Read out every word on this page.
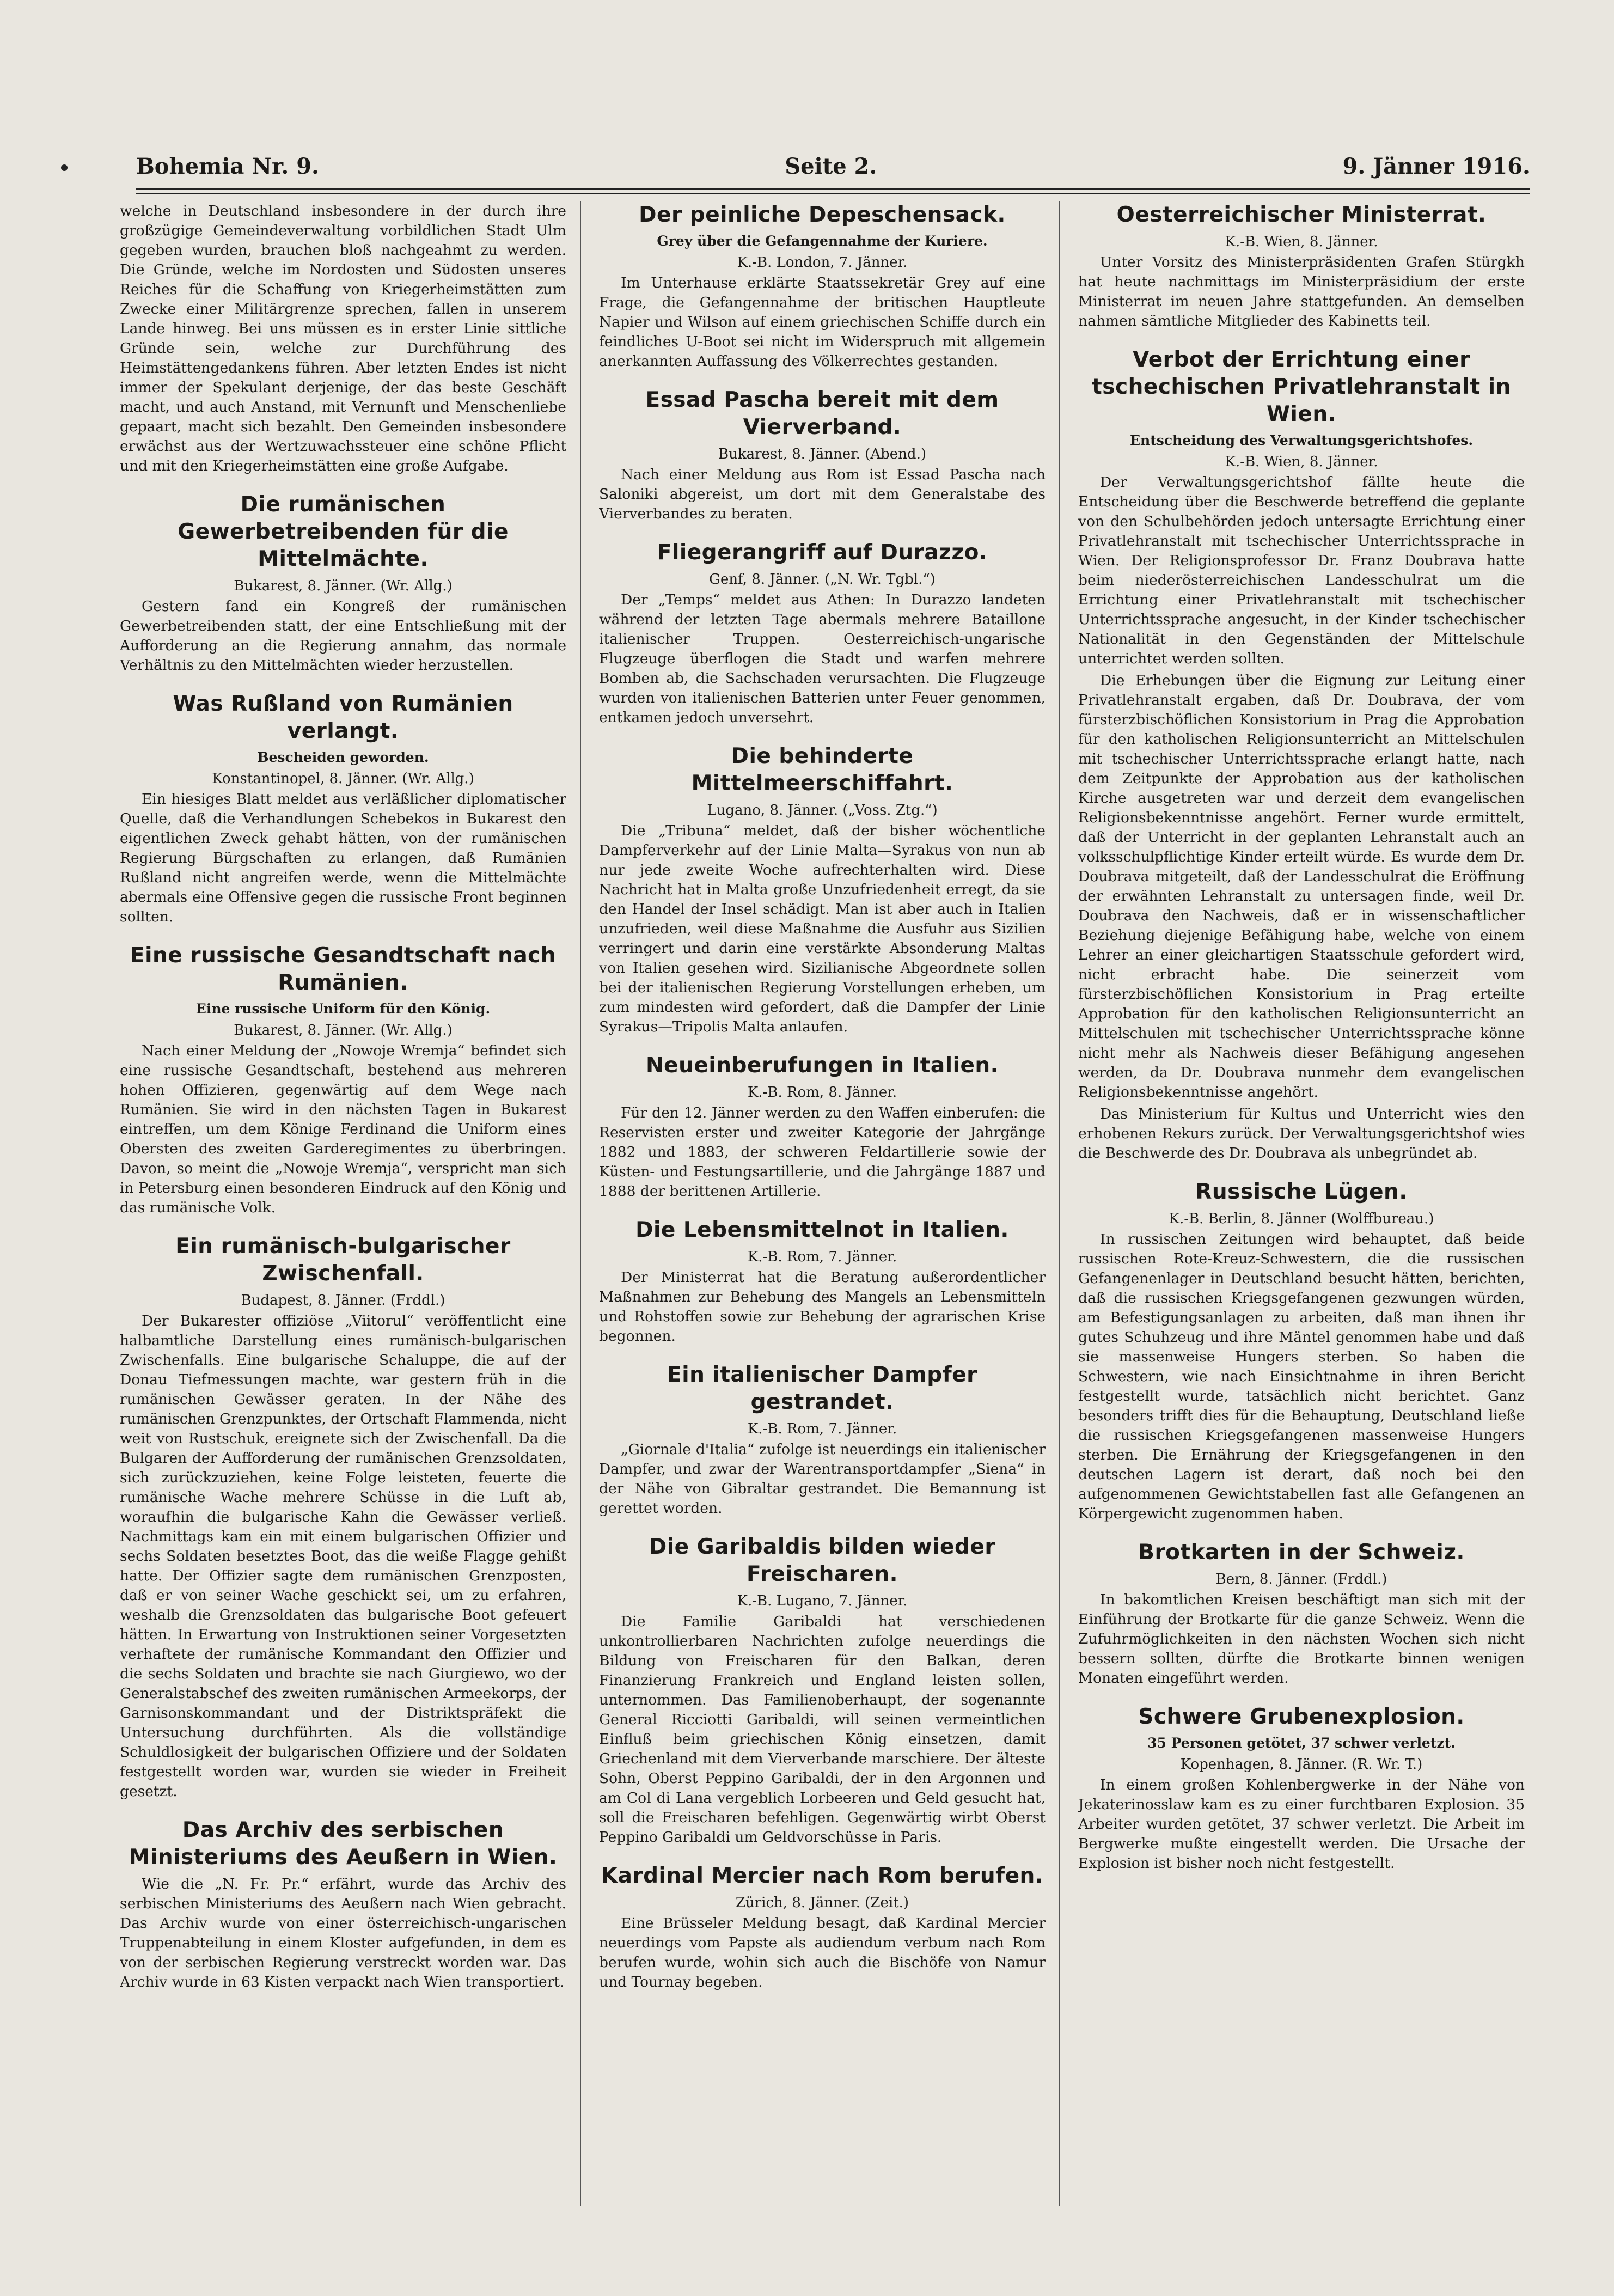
Bohemia Nr. 9.	Seite 2.	9. Jänner 1916.

welche in Deutschland insbesondere in der durch ihre großzügige Gemeindeverwaltung vorbildlichen Stadt Ulm gegeben wurden, brauchen bloß nachgeahmt zu werden. Die Gründe, welche im Nordosten und Südosten unseres Reiches für die Schaffung von Kriegerheimstätten zum Zwecke einer Militärgrenze sprechen, fallen in unserem Lande hinweg. Bei uns müssen es in erster Linie sittliche Gründe sein, welche zur Durchführung des Heimstättengedankens führen. Aber letzten Endes ist nicht immer der Spekulant derjenige, der das beste Geschäft macht, und auch Anstand, mit Vernunft und Menschenliebe gepaart, macht sich bezahlt. Den Gemeinden insbesondere erwächst aus der Wertzuwachssteuer eine schöne Pflicht und mit den Kriegerheimstätten eine große Aufgabe.

Die rumänischen Gewerbetreibenden für die Mittelmächte.
Bukarest, 8. Jänner. (Wr. Allg.)

Gestern fand ein Kongreß der rumänischen Gewerbetreibenden statt, der eine Entschließung mit der Aufforderung an die Regierung annahm, das normale Verhältnis zu den Mittelmächten wieder herzustellen.

Was Rußland von Rumänien verlangt.
Bescheiden geworden.
Konstantinopel, 8. Jänner. (Wr. Allg.)

Ein hiesiges Blatt meldet aus verläßlicher diplomatischer Quelle, daß die Verhandlungen Schebekos in Bukarest den eigentlichen Zweck gehabt hätten, von der rumänischen Regierung Bürgschaften zu erlangen, daß Rumänien Rußland nicht angreifen werde, wenn die Mittelmächte abermals eine Offensive gegen die russische Front beginnen sollten.

Eine russische Gesandtschaft nach Rumänien.
Eine russische Uniform für den König.
Bukarest, 8. Jänner. (Wr. Allg.)

Nach einer Meldung der „Nowoje Wremja“ befindet sich eine russische Gesandtschaft, bestehend aus mehreren hohen Offizieren, gegenwärtig auf dem Wege nach Rumänien. Sie wird in den nächsten Tagen in Bukarest eintreffen, um dem Könige Ferdinand die Uniform eines Obersten des zweiten Garderegimentes zu überbringen. Davon, so meint die „Nowoje Wremja“, verspricht man sich in Petersburg einen besonderen Eindruck auf den König und das rumänische Volk.

Ein rumänisch-bulgarischer Zwischenfall.
Budapest, 8. Jänner. (Frddl.)

Der Bukarester offiziöse „Viitorul“ veröffentlicht eine halbamtliche Darstellung eines rumänisch-bulgarischen Zwischenfalls. Eine bulgarische Schaluppe, die auf der Donau Tiefmessungen machte, war gestern früh in die rumänischen Gewässer geraten. In der Nähe des rumänischen Grenzpunktes, der Ortschaft Flammenda, nicht weit von Rustschuk, ereignete sich der Zwischenfall. Da die Bulgaren der Aufforderung der rumänischen Grenzsoldaten, sich zurückzuziehen, keine Folge leisteten, feuerte die rumänische Wache mehrere Schüsse in die Luft ab, woraufhin die bulgarische Kahn die Gewässer verließ. Nachmittags kam ein mit einem bulgarischen Offizier und sechs Soldaten besetztes Boot, das die weiße Flagge gehißt hatte. Der Offizier sagte dem rumänischen Grenzposten, daß er von seiner Wache geschickt sei, um zu erfahren, weshalb die Grenzsoldaten das bulgarische Boot gefeuert hätten. In Erwartung von Instruktionen seiner Vorgesetzten verhaftete der rumänische Kommandant den Offizier und die sechs Soldaten und brachte sie nach Giurgiewo, wo der Generalstabschef des zweiten rumänischen Armeekorps, der Garnisonskommandant und der Distriktspräfekt die Untersuchung durchführten. Als die vollständige Schuldlosigkeit der bulgarischen Offiziere und der Soldaten festgestellt worden war, wurden sie wieder in Freiheit gesetzt.

Das Archiv des serbischen Ministeriums des Aeußern in Wien.

Wie die „N. Fr. Pr.“ erfährt, wurde das Archiv des serbischen Ministeriums des Aeußern nach Wien gebracht. Das Archiv wurde von einer österreichisch-ungarischen Truppenabteilung in einem Kloster aufgefunden, in dem es von der serbischen Regierung verstreckt worden war. Das Archiv wurde in 63 Kisten verpackt nach Wien transportiert.

Der peinliche Depeschensack.
Grey über die Gefangennahme der Kuriere.
K.-B. London, 7. Jänner.

Im Unterhause erklärte Staatssekretär Grey auf eine Frage, die Gefangennahme der britischen Hauptleute Napier und Wilson auf einem griechischen Schiffe durch ein feindliches U-Boot sei nicht im Widerspruch mit allgemein anerkannten Auffassung des Völkerrechtes gestanden.

Essad Pascha bereit mit dem Vierverband.
Bukarest, 8. Jänner. (Abend.)

Nach einer Meldung aus Rom ist Essad Pascha nach Saloniki abgereist, um dort mit dem Generalstabe des Vierverbandes zu beraten.

Fliegerangriff auf Durazzo.
Genf, 8. Jänner. („N. Wr. Tgbl.“)

Der „Temps“ meldet aus Athen: In Durazzo landeten während der letzten Tage abermals mehrere Bataillone italienischer Truppen. Oesterreichisch-ungarische Flugzeuge überflogen die Stadt und warfen mehrere Bomben ab, die Sachschaden verursachten. Die Flugzeuge wurden von italienischen Batterien unter Feuer genommen, entkamen jedoch unversehrt.

Die behinderte Mittelmeerschiffahrt.
Lugano, 8. Jänner. („Voss. Ztg.“)

Die „Tribuna“ meldet, daß der bisher wöchentliche Dampferverkehr auf der Linie Malta—Syrakus von nun ab nur jede zweite Woche aufrechterhalten wird. Diese Nachricht hat in Malta große Unzufriedenheit erregt, da sie den Handel der Insel schädigt. Man ist aber auch in Italien unzufrieden, weil diese Maßnahme die Ausfuhr aus Sizilien verringert und darin eine verstärkte Absonderung Maltas von Italien gesehen wird. Sizilianische Abgeordnete sollen bei der italienischen Regierung Vorstellungen erheben, um zum mindesten wird gefordert, daß die Dampfer der Linie Syrakus—Tripolis Malta anlaufen.

Neueinberufungen in Italien.
K.-B. Rom, 8. Jänner.

Für den 12. Jänner werden zu den Waffen einberufen: die Reservisten erster und zweiter Kategorie der Jahrgänge 1882 und 1883, der schweren Feldartillerie sowie der Küsten- und Festungsartillerie, und die Jahrgänge 1887 und 1888 der berittenen Artillerie.

Die Lebensmittelnot in Italien.
K.-B. Rom, 7. Jänner.

Der Ministerrat hat die Beratung außerordentlicher Maßnahmen zur Behebung des Mangels an Lebensmitteln und Rohstoffen sowie zur Behebung der agrarischen Krise begonnen.

Ein italienischer Dampfer gestrandet.
K.-B. Rom, 7. Jänner.

„Giornale d'Italia“ zufolge ist neuerdings ein italienischer Dampfer, und zwar der Warentransportdampfer „Siena“ in der Nähe von Gibraltar gestrandet. Die Bemannung ist gerettet worden.

Die Garibaldis bilden wieder Freischaren.
K.-B. Lugano, 7. Jänner.

Die Familie Garibaldi hat verschiedenen unkontrollierbaren Nachrichten zufolge neuerdings die Bildung von Freischaren für den Balkan, deren Finanzierung Frankreich und England leisten sollen, unternommen. Das Familienoberhaupt, der sogenannte General Ricciotti Garibaldi, will seinen vermeintlichen Einfluß beim griechischen König einsetzen, damit Griechenland mit dem Vierverbande marschiere. Der älteste Sohn, Oberst Peppino Garibaldi, der in den Argonnen und am Col di Lana vergeblich Lorbeeren und Geld gesucht hat, soll die Freischaren befehligen. Gegenwärtig wirbt Oberst Peppino Garibaldi um Geldvorschüsse in Paris.

Kardinal Mercier nach Rom berufen.
Zürich, 8. Jänner. (Zeit.)

Eine Brüsseler Meldung besagt, daß Kardinal Mercier neuerdings vom Papste als audiendum verbum nach Rom berufen wurde, wohin sich auch die Bischöfe von Namur und Tournay begeben.

Oesterreichischer Ministerrat.
K.-B. Wien, 8. Jänner.

Unter Vorsitz des Ministerpräsidenten Grafen Stürgkh hat heute nachmittags im Ministerpräsidium der erste Ministerrat im neuen Jahre stattgefunden. An demselben nahmen sämtliche Mitglieder des Kabinetts teil.

Verbot der Errichtung einer tschechischen Privatlehranstalt in Wien.
Entscheidung des Verwaltungsgerichtshofes.
K.-B. Wien, 8. Jänner.

Der Verwaltungsgerichtshof fällte heute die Entscheidung über die Beschwerde betreffend die geplante von den Schulbehörden jedoch untersagte Errichtung einer Privatlehranstalt mit tschechischer Unterrichtssprache in Wien. Der Religionsprofessor Dr. Franz Doubrava hatte beim niederösterreichischen Landesschulrat um die Errichtung einer Privatlehranstalt mit tschechischer Unterrichtssprache angesucht, in der Kinder tschechischer Nationalität in den Gegenständen der Mittelschule unterrichtet werden sollten.

Die Erhebungen über die Eignung zur Leitung einer Privatlehranstalt ergaben, daß Dr. Doubrava, der vom fürsterzbischöflichen Konsistorium in Prag die Approbation für den katholischen Religionsunterricht an Mittelschulen mit tschechischer Unterrichtssprache erlangt hatte, nach dem Zeitpunkte der Approbation aus der katholischen Kirche ausgetreten war und derzeit dem evangelischen Religionsbekenntnisse angehört. Ferner wurde ermittelt, daß der Unterricht in der geplanten Lehranstalt auch an volksschulpflichtige Kinder erteilt würde. Es wurde dem Dr. Doubrava mitgeteilt, daß der Landesschulrat die Eröffnung der erwähnten Lehranstalt zu untersagen finde, weil Dr. Doubrava den Nachweis, daß er in wissenschaftlicher Beziehung diejenige Befähigung habe, welche von einem Lehrer an einer gleichartigen Staatsschule gefordert wird, nicht erbracht habe. Die seinerzeit vom fürsterzbischöflichen Konsistorium in Prag erteilte Approbation für den katholischen Religionsunterricht an Mittelschulen mit tschechischer Unterrichtssprache könne nicht mehr als Nachweis dieser Befähigung angesehen werden, da Dr. Doubrava nunmehr dem evangelischen Religionsbekenntnisse angehört.

Das Ministerium für Kultus und Unterricht wies den erhobenen Rekurs zurück. Der Verwaltungsgerichtshof wies die Beschwerde des Dr. Doubrava als unbegründet ab.

Russische Lügen.
K.-B. Berlin, 8. Jänner (Wolffbureau.)

In russischen Zeitungen wird behauptet, daß beide russischen Rote-Kreuz-Schwestern, die die russischen Gefangenenlager in Deutschland besucht hätten, berichten, daß die russischen Kriegsgefangenen gezwungen würden, am Befestigungsanlagen zu arbeiten, daß man ihnen ihr gutes Schuhzeug und ihre Mäntel genommen habe und daß sie massenweise Hungers sterben. So haben die Schwestern, wie nach Einsichtnahme in ihren Bericht festgestellt wurde, tatsächlich nicht berichtet. Ganz besonders trifft dies für die Behauptung, Deutschland ließe die russischen Kriegsgefangenen massenweise Hungers sterben. Die Ernährung der Kriegsgefangenen in den deutschen Lagern ist derart, daß noch bei den aufgenommenen Gewichtstabellen fast alle Gefangenen an Körpergewicht zugenommen haben.

Brotkarten in der Schweiz.
Bern, 8. Jänner. (Frddl.)

In bakomtlichen Kreisen beschäftigt man sich mit der Einführung der Brotkarte für die ganze Schweiz. Wenn die Zufuhrmöglichkeiten in den nächsten Wochen sich nicht bessern sollten, dürfte die Brotkarte binnen wenigen Monaten eingeführt werden.

Schwere Grubenexplosion.
35 Personen getötet, 37 schwer verletzt.
Kopenhagen, 8. Jänner. (R. Wr. T.)

In einem großen Kohlenbergwerke in der Nähe von Jekaterinosslaw kam es zu einer furchtbaren Explosion. 35 Arbeiter wurden getötet, 37 schwer verletzt. Die Arbeit im Bergwerke mußte eingestellt werden. Die Ursache der Explosion ist bisher noch nicht festgestellt.
